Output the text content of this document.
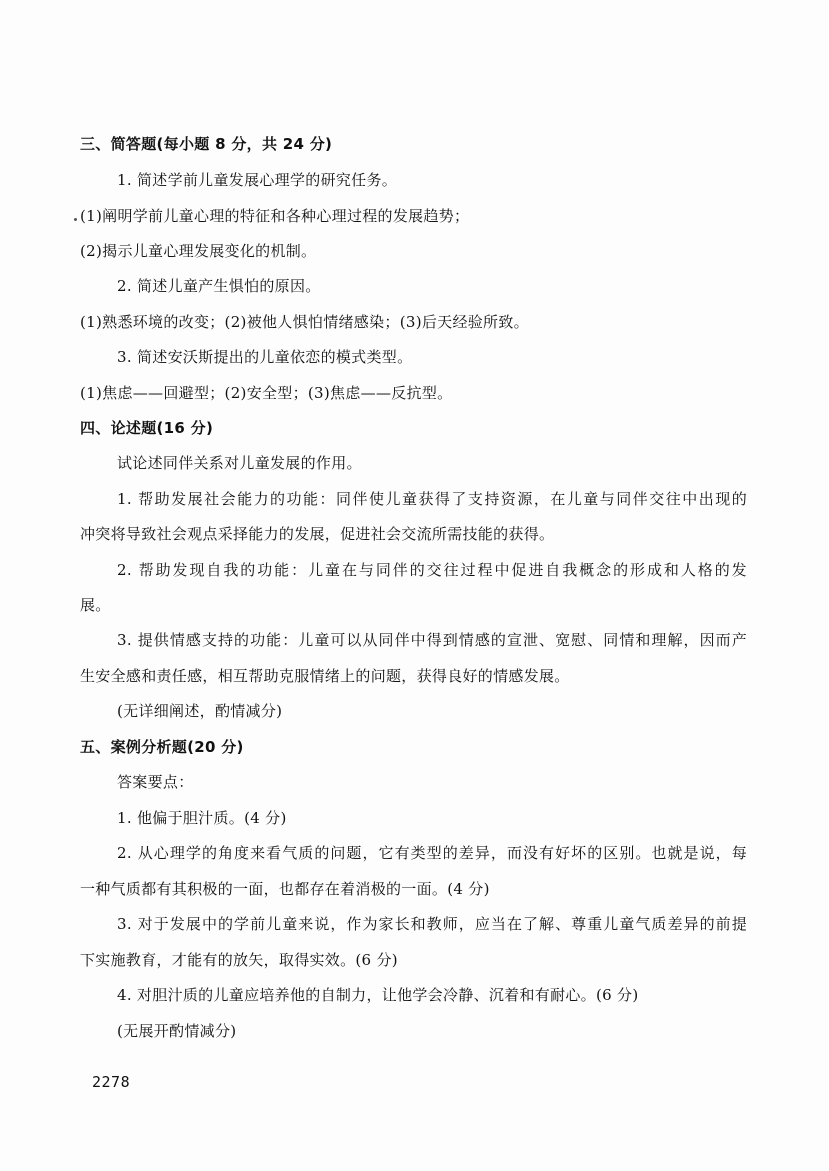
三、简答题(每小题 8 分，共 24 分)
1. 简述学前儿童发展心理学的研究任务。
(1)阐明学前儿童心理的特征和各种心理过程的发展趋势；
(2)揭示儿童心理发展变化的机制。
2. 简述儿童产生惧怕的原因。
(1)熟悉环境的改变；(2)被他人惧怕情绪感染；(3)后天经验所致。
3. 简述安沃斯提出的儿童依恋的模式类型。
(1)焦虑——回避型；(2)安全型；(3)焦虑——反抗型。
四、论述题(16 分)
试论述同伴关系对儿童发展的作用。
1. 帮助发展社会能力的功能：同伴使儿童获得了支持资源，在儿童与同伴交往中出现的
冲突将导致社会观点采择能力的发展，促进社会交流所需技能的获得。
2. 帮助发现自我的功能：儿童在与同伴的交往过程中促进自我概念的形成和人格的发
展。
3. 提供情感支持的功能：儿童可以从同伴中得到情感的宣泄、宽慰、同情和理解，因而产
生安全感和责任感，相互帮助克服情绪上的问题，获得良好的情感发展。
(无详细阐述，酌情减分)
五、案例分析题(20 分)
答案要点：
1. 他偏于胆汁质。(4 分)
2. 从心理学的角度来看气质的问题，它有类型的差异，而没有好坏的区别。也就是说，每
一种气质都有其积极的一面，也都存在着消极的一面。(4 分)
3. 对于发展中的学前儿童来说，作为家长和教师，应当在了解、尊重儿童气质差异的前提
下实施教育，才能有的放矢，取得实效。(6 分)
4. 对胆汁质的儿童应培养他的自制力，让他学会冷静、沉着和有耐心。(6 分)
(无展开酌情减分)
2278
